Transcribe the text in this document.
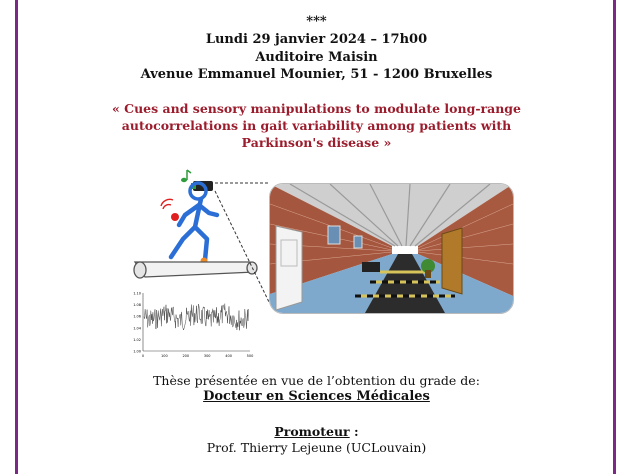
***
Lundi 29 janvier 2024 – 17h00
Auditoire Maisin
Avenue Emmanuel Mounier, 51 - 1200 Bruxelles
« Cues and sensory manipulations to modulate long-range
autocorrelations in gait variability among patients with
Parkinson's disease »
1.10
1.08
1.06
1.04
1.02
1.00
0	100	200	300	400	500
Thèse présentée en vue de l’obtention du grade de:
Docteur en Sciences Médicales
Promoteur :
Prof. Thierry Lejeune (UCLouvain)
